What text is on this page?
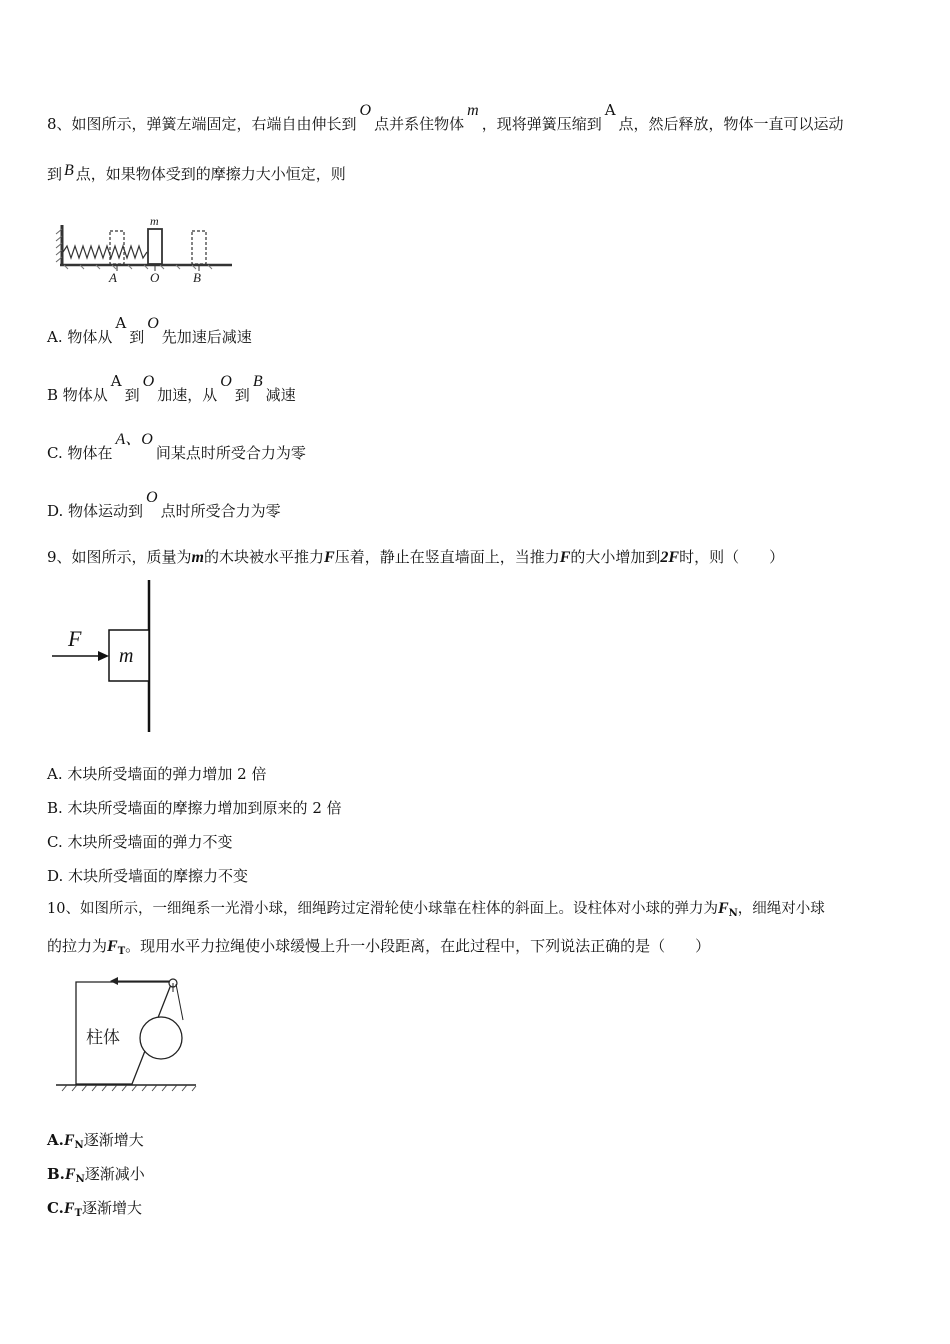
8、如图所示，弹簧左端固定，右端自由伸长到O点并系住物体m，现将弹簧压缩到A点，然后释放，物体一直可以运动
到 B 点，如果物体受到的摩擦力大小恒定，则
m
A	O	B
A. 物体从A到O先加速后减速
B 物体从A到O加速，从O到B减速
C. 物体在A、O间某点时所受合力为零
D. 物体运动到O点时所受合力为零
9、如图所示，质量为m的木块被水平推力F压着，静止在竖直墙面上，当推力F的大小增加到2F时，则（　　）
F
m
A. 木块所受墙面的弹力增加 2 倍
B. 木块所受墙面的摩擦力增加到原来的 2 倍
C. 木块所受墙面的弹力不变
D. 木块所受墙面的摩擦力不变
10、如图所示，一细绳系一光滑小球，细绳跨过定滑轮使小球靠在柱体的斜面上。设柱体对小球的弹力为$F_N$，细绳对小球
的拉力为$F_T$。现用水平力拉绳使小球缓慢上升一小段距离，在此过程中，下列说法正确的是（　　）
柱体
$A.F_N$逐渐增大
$B.F_N$逐渐减小
$C.F_T$逐渐增大
